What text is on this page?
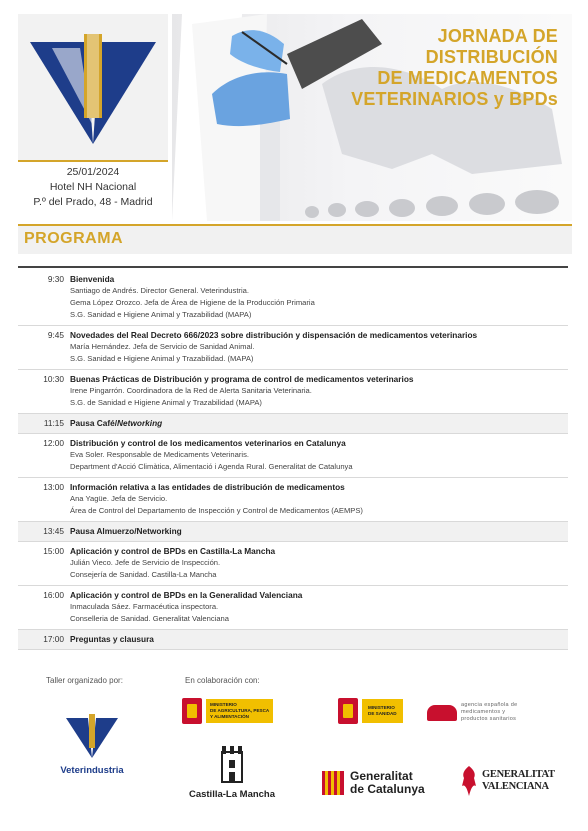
25/01/2024
Hotel NH Nacional
P.º del Prado, 48 - Madrid
JORNADA DE
DISTRIBUCIÓN
DE MEDICAMENTOS
VETERINARIOS y BPDs
PROGRAMA
9:30 Bienvenida
Santiago de Andrés. Director General. Veterindustria.
Gema López Orozco. Jefa de Área de Higiene de la Producción Primaria
S.G. Sanidad e Higiene Animal y Trazabilidad (MAPA)
9:45 Novedades del Real Decreto 666/2023 sobre distribución y dispensación de medicamentos veterinarios
María Hernández. Jefa de Servicio de Sanidad Animal.
S.G. Sanidad e Higiene Animal y Trazabilidad. (MAPA)
10:30 Buenas Prácticas de Distribución y programa de control de medicamentos veterinarios
Irene Pingarrón. Coordinadora de la Red de Alerta Sanitaria Veterinaria.
S.G. de Sanidad e Higiene Animal y Trazabilidad (MAPA)
11:15 Pausa Café/Networking
12:00 Distribución y control de los medicamentos veterinarios en Catalunya
Eva Soler. Responsable de Medicaments Veterinaris.
Department d'Acció Climàtica, Alimentació i Agenda Rural. Generalitat de Catalunya
13:00 Información relativa a las entidades de distribución de medicamentos
Ana Yagüe. Jefa de Servicio.
Área de Control del Departamento de Inspección y Control de Medicamentos (AEMPS)
13:45 Pausa Almuerzo/Networking
15:00 Aplicación y control de BPDs en Castilla-La Mancha
Julián Vieco. Jefe de Servicio de Inspección.
Consejería de Sanidad. Castilla-La Mancha
16:00 Aplicación y control de BPDs en la Generalidad Valenciana
Inmaculada Sáez. Farmacéutica inspectora.
Conselleria de Sanidad. Generalitat Valenciana
17:00 Preguntas y clausura
Taller organizado por:	En colaboración con:
MINISTERIO
DE AGRICULTURA, PESCA
Y ALIMENTACIÓN
MINISTERIO
DE SANIDAD
agencia española de
medicamentos y
productos sanitarios
Veterindustria
Castilla-La Mancha
Generalitat
de Catalunya
GENERALITAT
VALENCIANA
